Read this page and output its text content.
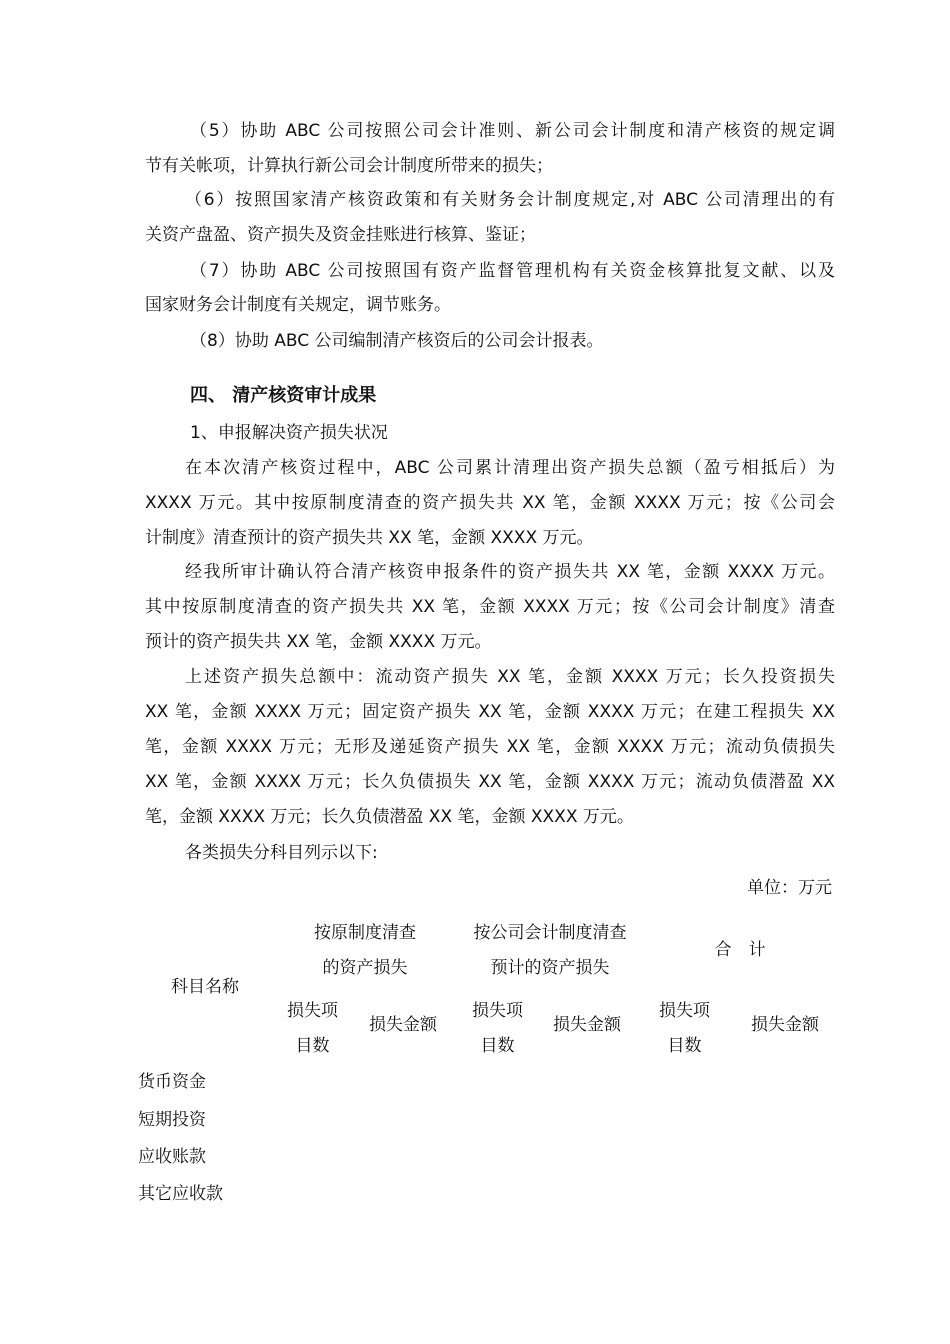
（5）协助 ABC 公司按照公司会计准则、新公司会计制度和清产核资的规定调
节有关帐项，计算执行新公司会计制度所带来的损失；
（6）按照国家清产核资政策和有关财务会计制度规定,对 ABC 公司清理出的有
关资产盘盈、资产损失及资金挂账进行核算、鉴证；
（7）协助 ABC 公司按照国有资产监督管理机构有关资金核算批复文献、以及
国家财务会计制度有关规定，调节账务。
（8）协助 ABC 公司编制清产核资后的公司会计报表。
四、 清产核资审计成果
1、申报解决资产损失状况
在本次清产核资过程中，ABC 公司累计清理出资产损失总额（盈亏相抵后）为
XXXX 万元。其中按原制度清查的资产损失共 XX 笔，金额 XXXX 万元；按《公司会
计制度》清查预计的资产损失共 XX 笔，金额 XXXX 万元。
经我所审计确认符合清产核资申报条件的资产损失共 XX 笔，金额 XXXX 万元。
其中按原制度清查的资产损失共 XX 笔，金额 XXXX 万元；按《公司会计制度》清查
预计的资产损失共 XX 笔，金额 XXXX 万元。
上述资产损失总额中：流动资产损失 XX 笔，金额 XXXX 万元；长久投资损失
XX 笔，金额 XXXX 万元；固定资产损失 XX 笔，金额 XXXX 万元；在建工程损失 XX
笔，金额 XXXX 万元；无形及递延资产损失 XX 笔，金额 XXXX 万元；流动负债损失
XX 笔，金额 XXXX 万元；长久负债损失 XX 笔，金额 XXXX 万元；流动负债潜盈 XX
笔，金额 XXXX 万元；长久负债潜盈 XX 笔，金额 XXXX 万元。
各类损失分科目列示以下:
单位：万元
科目名称
按原制度清查
的资产损失
按公司会计制度清查
预计的资产损失
合　计
损失项
目数
损失金额
损失项
目数
损失金额
损失项
目数
损失金额
货币资金
短期投资
应收账款
其它应收款
